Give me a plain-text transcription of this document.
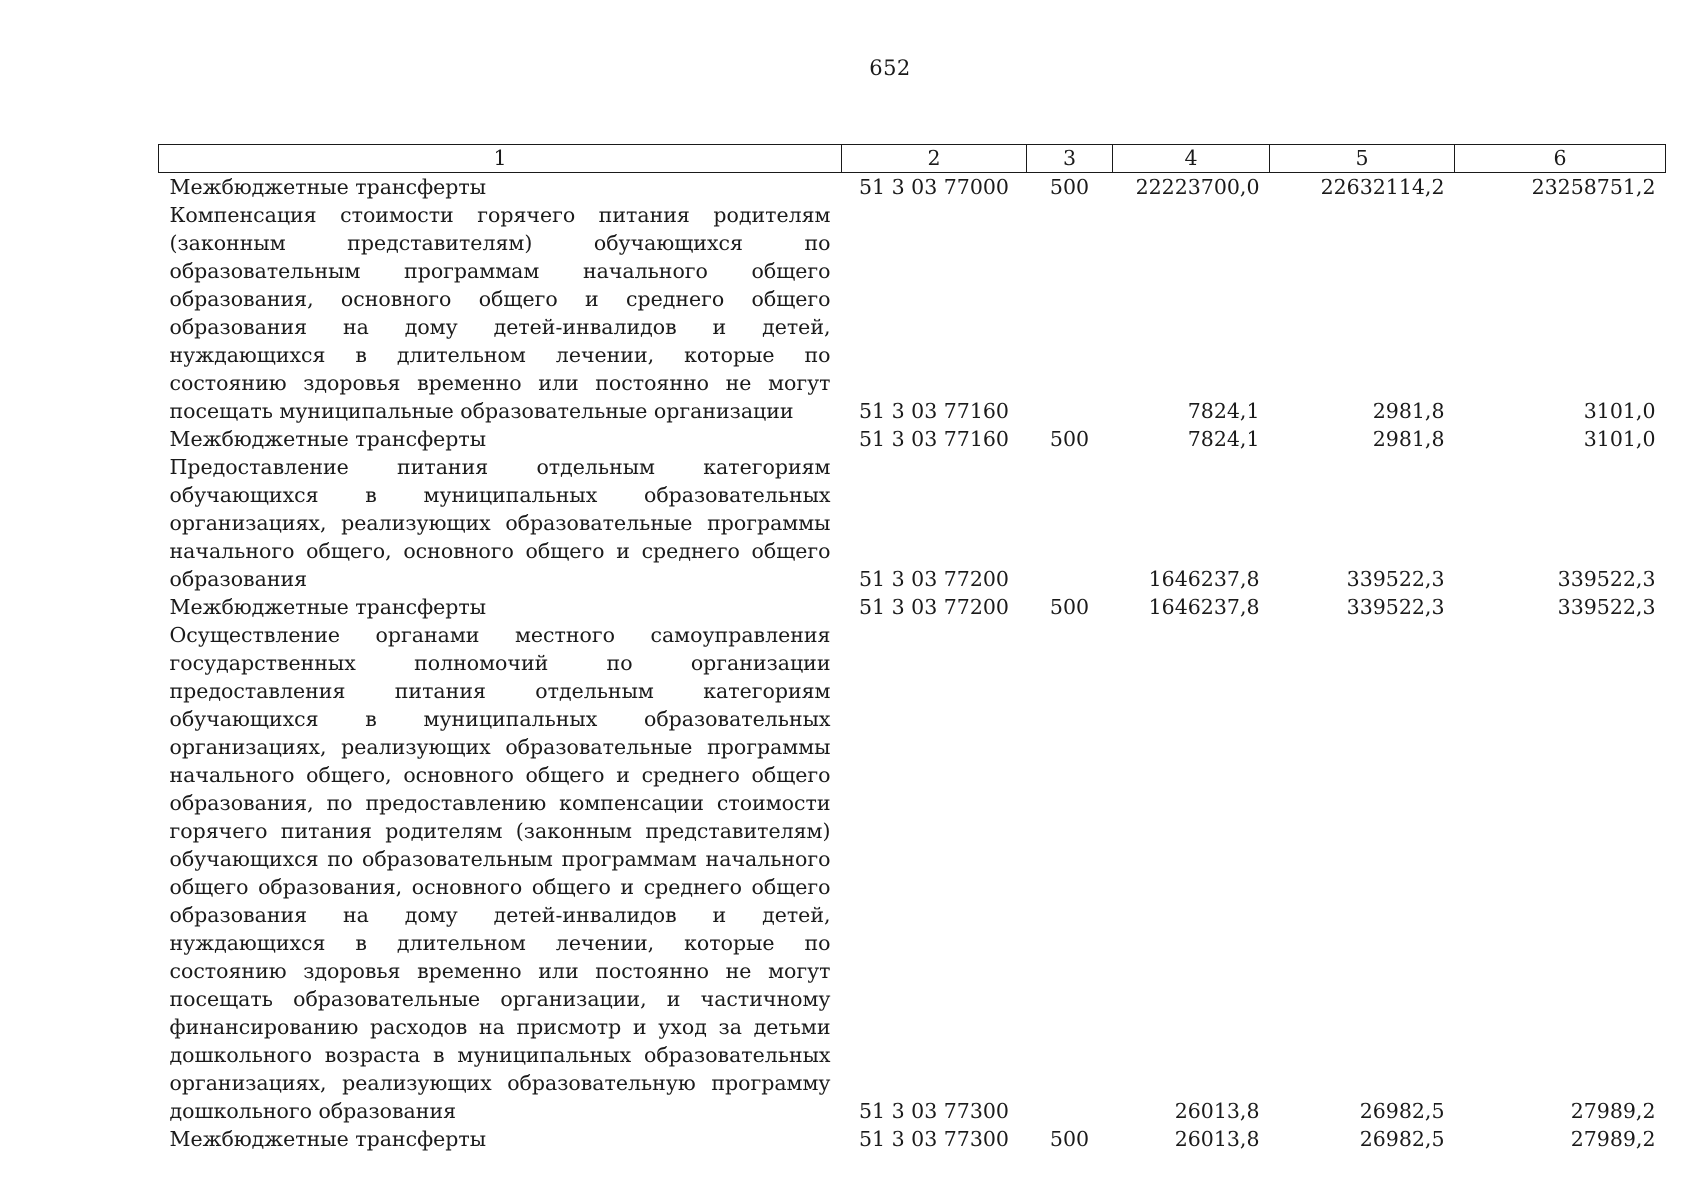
652
1	2	3	4	5	6
Межбюджетные трансферты	51 3 03 77000	500	22223700,0	22632114,2	23258751,2
Компенсация стоимости горячего питания родителям (законным представителям) обучающихся по образовательным программам начального общего образования, основного общего и среднего общего образования на дому детей-инвалидов и детей, нуждающихся в длительном лечении, которые по состоянию здоровья временно или постоянно не могут посещать муниципальные образовательные организации	51 3 03 77160		7824,1	2981,8	3101,0
Межбюджетные трансферты	51 3 03 77160	500	7824,1	2981,8	3101,0
Предоставление питания отдельным категориям обучающихся в муниципальных образовательных организациях, реализующих образовательные программы начального общего, основного общего и среднего общего образования	51 3 03 77200		1646237,8	339522,3	339522,3
Межбюджетные трансферты	51 3 03 77200	500	1646237,8	339522,3	339522,3
Осуществление органами местного самоуправления государственных полномочий по организации предоставления питания отдельным категориям обучающихся в муниципальных образовательных организациях, реализующих образовательные программы начального общего, основного общего и среднего общего образования, по предоставлению компенсации стоимости горячего питания родителям (законным представителям) обучающихся по образовательным программам начального общего образования, основного общего и среднего общего образования на дому детей-инвалидов и детей, нуждающихся в длительном лечении, которые по состоянию здоровья временно или постоянно не могут посещать образовательные организации, и частичному финансированию расходов на присмотр и уход за детьми дошкольного возраста в муниципальных образовательных организациях, реализующих образовательную программу дошкольного образования	51 3 03 77300		26013,8	26982,5	27989,2
Межбюджетные трансферты	51 3 03 77300	500	26013,8	26982,5	27989,2
